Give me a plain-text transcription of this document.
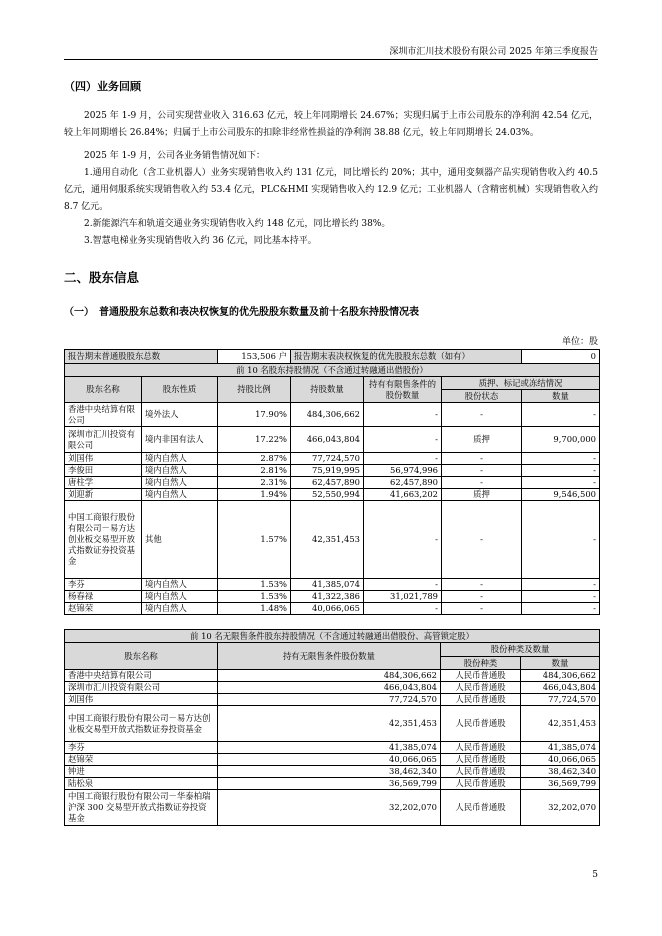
深圳市汇川技术股份有限公司 2025 年第三季度报告
（四）业务回顾
2025 年 1-9 月，公司实现营业收入 316.63 亿元，较上年同期增长 24.67%；实现归属于上市公司股东的净利润 42.54 亿元，较上年同期增长 26.84%；归属于上市公司股东的扣除非经常性损益的净利润 38.88 亿元，较上年同期增长 24.03%。
2025 年 1-9 月，公司各业务销售情况如下：
1.通用自动化（含工业机器人）业务实现销售收入约 131 亿元，同比增长约 20%；其中，通用变频器产品实现销售收入约 40.5 亿元，通用伺服系统实现销售收入约 53.4 亿元，PLC&HMI 实现销售收入约 12.9 亿元；工业机器人（含精密机械）实现销售收入约 8.7 亿元。
2.新能源汽车和轨道交通业务实现销售收入约 148 亿元，同比增长约 38%。
3.智慧电梯业务实现销售收入约 36 亿元，同比基本持平。
二、股东信息
（一）　普通股股东总数和表决权恢复的优先股股东数量及前十名股东持股情况表
单位：股
报告期末普通股股东总数		153,506 户	报告期末表决权恢复的优先股股东总数（如有）			0
前 10 名股东持股情况（不含通过转融通出借股份）						
股东名称	股东性质	持股比例	持股数量	持有有限售条件的股份数量	质押、标记或冻结情况	
					股份状态	数量
香港中央结算有限公司	境外法人	17.90%	484,306,662	-	-	-
深圳市汇川投资有限公司	境内非国有法人	17.22%	466,043,804	-	质押	9,700,000
刘国伟	境内自然人	2.87%	77,724,570	-	-	-
李俊田	境内自然人	2.81%	75,919,995	56,974,996	-	-
唐柱学	境内自然人	2.31%	62,457,890	62,457,890	-	-
刘迎新	境内自然人	1.94%	52,550,994	41,663,202	质押	9,546,500
中国工商银行股份有限公司－易方达创业板交易型开放式指数证券投资基金	其他	1.57%	42,351,453	-	-	-
李芬	境内自然人	1.53%	41,385,074	-	-	-
杨春禄	境内自然人	1.53%	41,322,386	31,021,789	-	-
赵锦荣	境内自然人	1.48%	40,066,065	-	-	-
前 10 名无限售条件股东持股情况（不含通过转融通出借股份、高管锁定股）			
股东名称	持有无限售条件股份数量	股份种类及数量	
		股份种类	数量
香港中央结算有限公司	484,306,662	人民币普通股	484,306,662
深圳市汇川投资有限公司	466,043,804	人民币普通股	466,043,804
刘国伟	77,724,570	人民币普通股	77,724,570
中国工商银行股份有限公司－易方达创业板交易型开放式指数证券投资基金	42,351,453	人民币普通股	42,351,453
李芬	41,385,074	人民币普通股	41,385,074
赵锦荣	40,066,065	人民币普通股	40,066,065
钟进	38,462,340	人民币普通股	38,462,340
陆松泉	36,569,799	人民币普通股	36,569,799
中国工商银行股份有限公司－华泰柏瑞沪深 300 交易型开放式指数证券投资基金	32,202,070	人民币普通股	32,202,070
5
